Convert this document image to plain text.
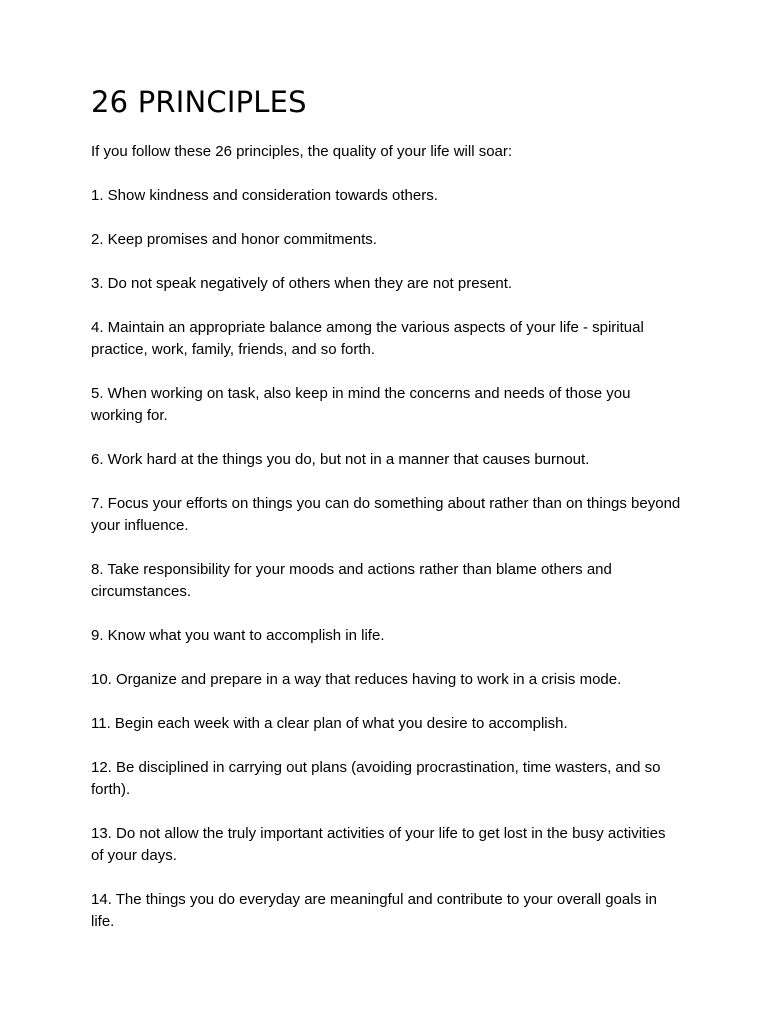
26 PRINCIPLES

If you follow these 26 principles, the quality of your life will soar:

1. Show kindness and consideration towards others.
2. Keep promises and honor commitments.
3. Do not speak negatively of others when they are not present.
4. Maintain an appropriate balance among the various aspects of your life - spiritual practice, work, family, friends, and so forth.
5. When working on task, also keep in mind the concerns and needs of those you working for.
6. Work hard at the things you do, but not in a manner that causes burnout.
7. Focus your efforts on things you can do something about rather than on things beyond your influence.
8. Take responsibility for your moods and actions rather than blame others and circumstances.
9. Know what you want to accomplish in life.
10. Organize and prepare in a way that reduces having to work in a crisis mode.
11. Begin each week with a clear plan of what you desire to accomplish.
12. Be disciplined in carrying out plans (avoiding procrastination, time wasters, and so forth).
13. Do not allow the truly important activities of your life to get lost in the busy activities of your days.
14. The things you do everyday are meaningful and contribute to your overall goals in life.
